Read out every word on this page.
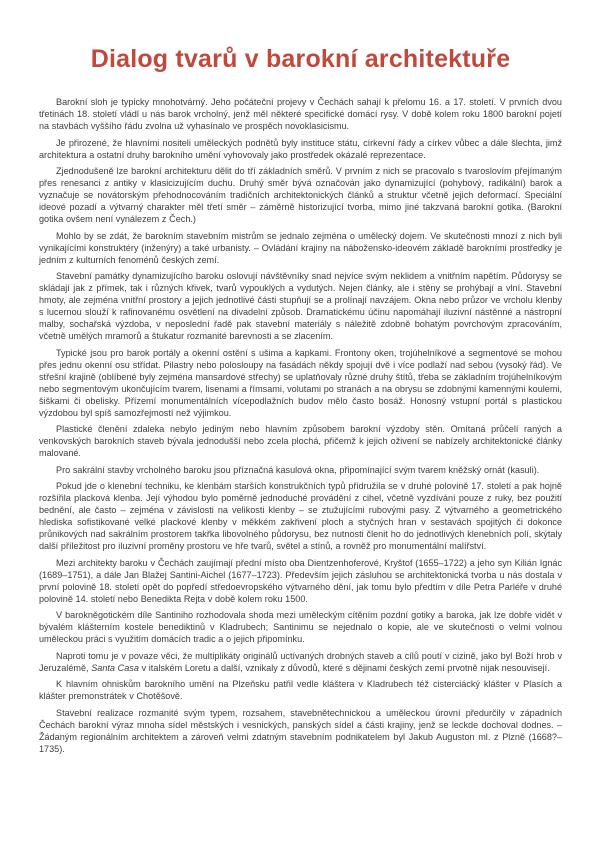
Dialog tvarů v barokní architektuře

Barokní sloh je typicky mnohotvárný. Jeho počáteční projevy v Čechách sahají k přelomu 16. a 17. století. V prvních dvou třetinách 18. století vládl u nás barok vrcholný, jenž měl některé specifické domácí rysy. V době kolem roku 1800 barokní pojetí na stavbách vyššího řádu zvolna už vyhasínalo ve prospěch novoklasicismu.

Je přirozené, že hlavními nositeli uměleckých podnětů byly instituce státu, církevní řády a církev vůbec a dále šlechta, jimž architektura a ostatní druhy barokního umění vyhovovaly jako prostředek okázalé reprezentace.

Zjednodušeně lze barokní architekturu dělit do tří základních směrů. V prvním z nich se pracovalo s tvaroslovím přejímaným přes renesanci z antiky v klasicizujícím duchu. Druhý směr bývá označován jako dynamizující (pohybový, radikální) barok a vyznačuje se novátorským přehodnocováním tradičních architektonických článků a struktur včetně jejich deformací. Speciální ideové pozadí a výtvarný charakter měl třetí směr – záměrně historizující tvorba, mimo jiné takzvaná barokní gotika. (Barokní gotika ovšem není vynálezem z Čech.)

Mohlo by se zdát, že barokním stavebním mistrům se jednalo zejména o umělecký dojem. Ve skutečnosti mnozí z nich byli vynikajícími konstruktéry (inženýry) a také urbanisty. – Ovládání krajiny na nábožensko-ideovém základě barokními prostředky je jedním z kulturních fenoménů českých zemí.

Stavební památky dynamizujícího baroku oslovují návštěvníky snad nejvíce svým neklidem a vnitřním napětím. Půdorysy se skládají jak z přímek, tak i různých křivek, tvarů vypouklých a vydutých. Nejen články, ale i stěny se prohýbají a vlní. Stavební hmoty, ale zejména vnitřní prostory a jejich jednotlivé části stupňují se a prolínají navzájem. Okna nebo průzor ve vrcholu klenby s lucernou slouží k rafinovanému osvětlení na divadelní způsob. Dramatickému účinu napomáhají iluzivní nástěnné a nástropní malby, sochařská výzdoba, v neposlední řadě pak stavební materiály s náležitě zdobně bohatým povrchovým zpracováním, včetně umělých mramorů a štukatur rozmanité barevnosti a se zlacením.

Typické jsou pro barok portály a okenní ostění s ušima a kapkami. Frontony oken, trojúhelníkové a segmentové se mohou přes jednu okenní osu střídat. Pilastry nebo polosloupy na fasádách někdy spojují dvě i více podlaží nad sebou (vysoký řád). Ve střešní krajině (oblíbené byly zejména mansardové střechy) se uplatňovaly různé druhy štítů, třeba se základním trojúhelníkovým nebo segmentovým ukončujícím tvarem, lisenami a římsami, volutami po stranách a na obrysu se zdobnými kamennými koulemi, šiškami či obelisky. Přízemí monumentálních vícepodlažních budov mělo často bosáž. Honosný vstupní portál s plastickou výzdobou byl spíš samozřejmostí než výjimkou.

Plastické členění zdaleka nebylo jediným nebo hlavním způsobem barokní výzdoby stěn. Omítaná průčelí raných a venkovských barokních staveb bývala jednodušší nebo zcela plochá, přičemž k jejich oživení se nabízely architektonické články malované.

Pro sakrální stavby vrcholného baroku jsou příznačná kasulová okna, připomínající svým tvarem kněžský ornát (kasuli).

Pokud jde o klenební techniku, ke klenbám starších konstrukčních typů přidružila se v druhé polovině 17. století a pak hojně rozšířila placková klenba. Její výhodou bylo poměrně jednoduché provádění z cihel, včetně vyzdívání pouze z ruky, bez použití bednění, ale často – zejména v závislosti na velikosti klenby – se ztužujícími rubovými pasy. Z výtvarného a geometrického hlediska sofistikované velké plackové klenby v měkkém zakřivení ploch a styčných hran v sestavách spojitých či dokonce průnikových nad sakrálním prostorem takřka libovolného půdorysu, bez nutnosti členit ho do jednotlivých klenebních polí, skýtaly další příležitost pro iluzivní proměny prostoru ve hře tvarů, světel a stínů, a rovněž pro monumentální malířství.

Mezi architekty baroku v Čechách zaujímají přední místo oba Dientzenhoferové, Kryštof (1655–1722) a jeho syn Kilián Ignác (1689–1751), a dále Jan Blažej Santini-Aichel (1677–1723). Především jejich zásluhou se architektonická tvorba u nás dostala v první polovině 18. století opět do popředí středoevropského výtvarného dění, jak tomu bylo předtím v díle Petra Parléře v druhé polovině 14. století nebo Benedikta Rejta v době kolem roku 1500.

V barokněgotickém díle Santiniho rozhodovala shoda mezi uměleckým cítěním pozdní gotiky a baroka, jak lze dobře vidět v bývalém klášterním kostele benediktinů v Kladrubech; Santinimu se nejednalo o kopie, ale ve skutečnosti o velmi volnou uměleckou práci s využitím domácích tradic a o jejich připomínku.

Naproti tomu je v povaze věci, že multiplikáty originálů uctívaných drobných staveb a cílů poutí v cizině, jako byl Boží hrob v Jeruzalémě, Santa Casa v italském Loretu a další, vznikaly z důvodů, které s dějinami českých zemí prvotně nijak nesouvisejí.

K hlavním ohniskům barokního umění na Plzeňsku patřil vedle kláštera v Kladrubech též cisterciácký klášter v Plasích a klášter premonstrátek v Chotěšově.

Stavební realizace rozmanité svým typem, rozsahem, stavebnětechnickou a uměleckou úrovní předurčily v západních Čechách barokní výraz mnoha sídel městských i vesnických, panských sídel a části krajiny, jenž se leckde dochoval dodnes. – Žádaným regionálním architektem a zároveň velmi zdatným stavebním podnikatelem byl Jakub Auguston ml. z Plzně (1668?–1735).
